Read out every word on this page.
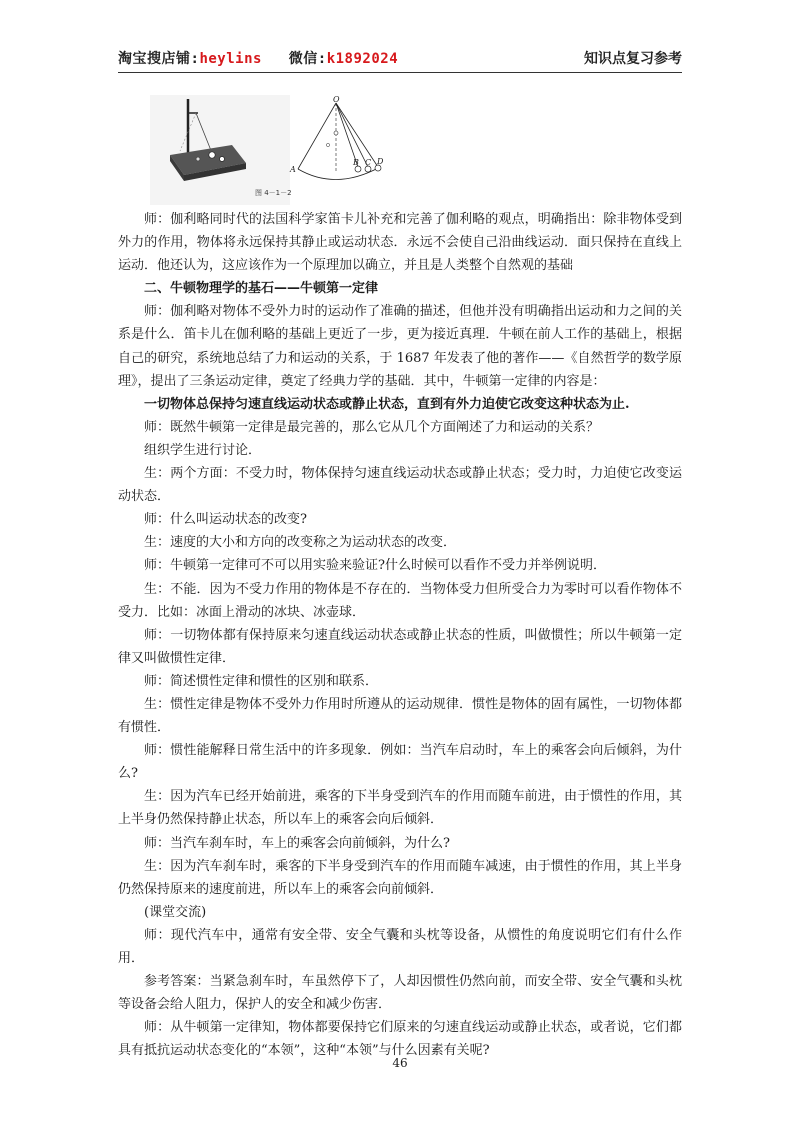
淘宝搜店铺:heylins 微信:k1892024	知识点复习参考
图 4－1－2
O
A
B C D

师：伽利略同时代的法国科学家笛卡儿补充和完善了伽利略的观点，明确指出：除非物体受到外力的作用，物体将永远保持其静止或运动状态．永远不会使自己沿曲线运动．面只保持在直线上运动．他还认为，这应该作为一个原理加以确立，并且是人类整个自然观的基础

二、牛顿物理学的基石——牛顿第一定律

师：伽利略对物体不受外力时的运动作了准确的描述，但他并没有明确指出运动和力之间的关系是什么．笛卡儿在伽利略的基础上更近了一步，更为接近真理．牛顿在前人工作的基础上，根据自己的研究，系统地总结了力和运动的关系，于 1687 年发表了他的著作——《自然哲学的数学原理》，提出了三条运动定律，奠定了经典力学的基础．其中，牛顿第一定律的内容是：

一切物体总保持匀速直线运动状态或静止状态，直到有外力迫使它改变这种状态为止.

师：既然牛顿第一定律是最完善的，那么它从几个方面阐述了力和运动的关系？

组织学生进行讨论．

生：两个方面：不受力时，物体保持匀速直线运动状态或静止状态；受力时，力迫使它改变运动状态．

师：什么叫运动状态的改变?

生：速度的大小和方向的改变称之为运动状态的改变．

师：牛顿第一定律可不可以用实验来验证?什么时候可以看作不受力并举例说明．

生：不能．因为不受力作用的物体是不存在的．当物体受力但所受合力为零时可以看作物体不受力．比如：冰面上滑动的冰块、冰壶球．

师：一切物体都有保持原来匀速直线运动状态或静止状态的性质，叫做惯性；所以牛顿第一定律又叫做惯性定律．

师：简述惯性定律和惯性的区别和联系．

生：惯性定律是物体不受外力作用时所遵从的运动规律．惯性是物体的固有属性，一切物体都有惯性．

师：惯性能解释日常生活中的许多现象．例如：当汽车启动时，车上的乘客会向后倾斜，为什么?

生：因为汽车已经开始前进，乘客的下半身受到汽车的作用而随车前进，由于惯性的作用，其上半身仍然保持静止状态，所以车上的乘客会向后倾斜．

师：当汽车刹车时，车上的乘客会向前倾斜，为什么?

生：因为汽车刹车时，乘客的下半身受到汽车的作用而随车减速，由于惯性的作用，其上半身仍然保持原来的速度前进，所以车上的乘客会向前倾斜．

(课堂交流)

师：现代汽车中，通常有安全带、安全气囊和头枕等设备，从惯性的角度说明它们有什么作用．

参考答案：当紧急刹车时，车虽然停下了，人却因惯性仍然向前，而安全带、安全气囊和头枕等设备会给人阻力，保护人的安全和减少伤害．

师：从牛顿第一定律知，物体都要保持它们原来的匀速直线运动或静止状态，或者说，它们都具有抵抗运动状态变化的“本领”，这种“本领”与什么因素有关呢?

46
